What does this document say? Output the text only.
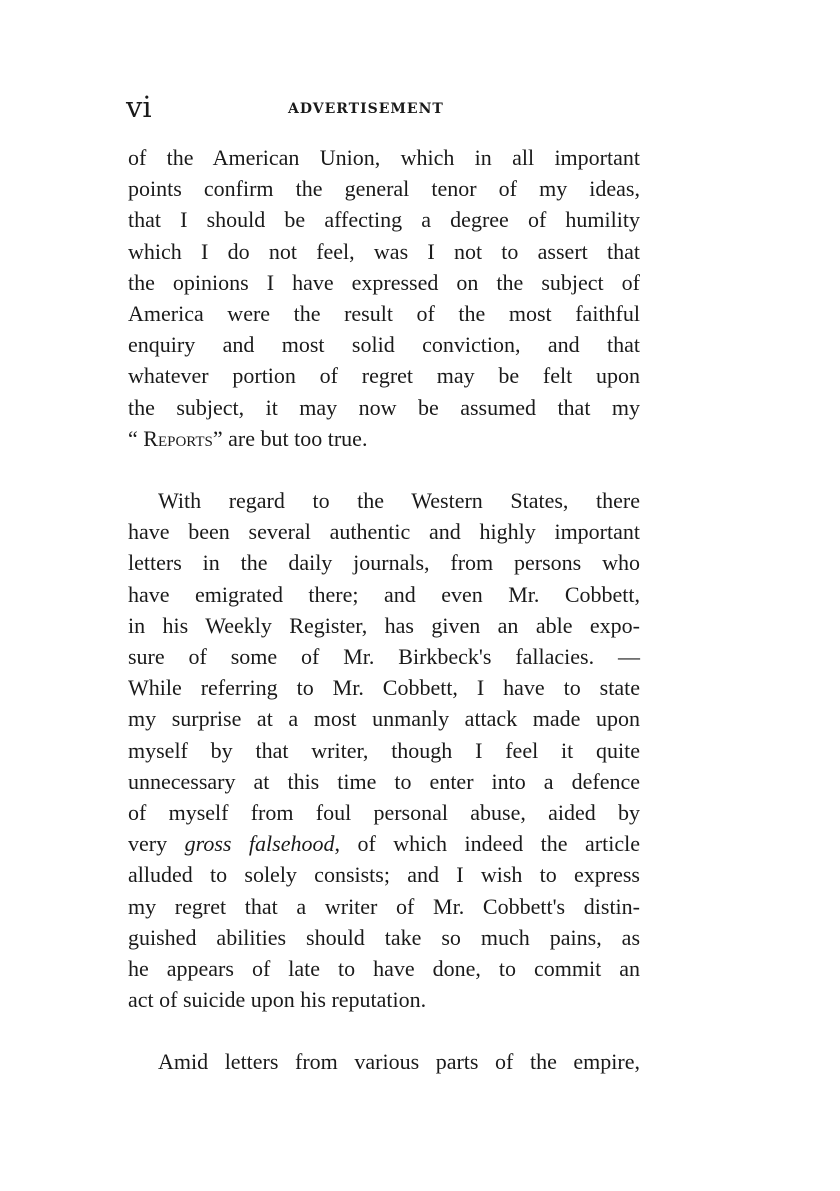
vi	ADVERTISEMENT
of the American Union, which in all important
points confirm the general tenor of my ideas,
that I should be affecting a degree of humility
which I do not feel, was I not to assert that
the opinions I have expressed on the subject of
America were the result of the most faithful
enquiry and most solid conviction, and that
whatever portion of regret may be felt upon
the subject, it may now be assumed that my
“ Reports” are but too true.
With regard to the Western States, there
have been several authentic and highly important
letters in the daily journals, from persons who
have emigrated there; and even Mr. Cobbett,
in his Weekly Register, has given an able expo-
sure of some of Mr. Birkbeck's fallacies. —
While referring to Mr. Cobbett, I have to state
my surprise at a most unmanly attack made upon
myself by that writer, though I feel it quite
unnecessary at this time to enter into a defence
of myself from foul personal abuse, aided by
very gross falsehood, of which indeed the article
alluded to solely consists; and I wish to express
my regret that a writer of Mr. Cobbett's distin-
guished abilities should take so much pains, as
he appears of late to have done, to commit an
act of suicide upon his reputation.
Amid letters from various parts of the empire,
